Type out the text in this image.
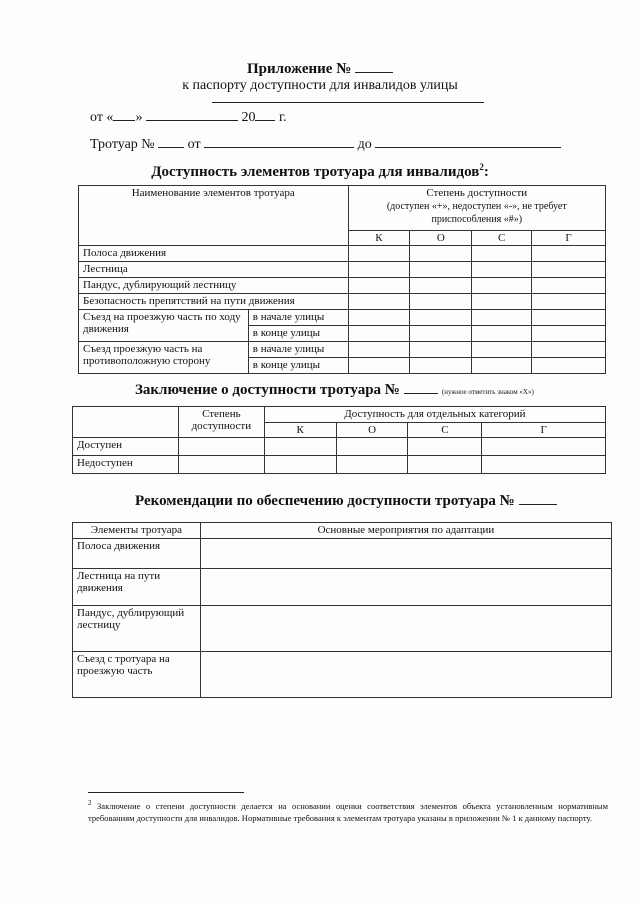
Приложение №
к паспорту доступности для инвалидов улицы
от « »	20 г.
Тротуар № от	до
Доступность элементов тротуара для инвалидов$^2$:
Наименование элементов тротуара		Степень доступности
(доступен «+», недоступен «-», не требует приспособления «#»)			

		К	О	С	Г
Полоса движения					
Лестница					
Пандус, дублирующий лестницу					
Безопасность препятствий на пути движения					
Съезд на проезжую часть по ходу движения	в начале улицы				
	в конце улицы				
Съезд проезжую часть на противоположную сторону	в начале улицы				
	в конце улицы				
Заключение о доступности тротуара №	(нужное отметить знаком «Х»)
	Степень доступности	Доступность для отдельных категорий			
		К	О	С	Г
Доступен					
Недоступен					
Рекомендации по обеспечению доступности тротуара №
Элементы тротуара	Основные мероприятия по адаптации
Полоса движения	
Лестница на пути движения	
Пандус, дублирующий лестницу	
Съезд с тротуара на проезжую часть	
$^2$ Заключение о степени доступности делается на основании оценки соответствия элементов объекта установленным нормативным требованиям доступности для инвалидов. Нормативные требования к элементам тротуара указаны в приложении № 1 к данному паспорту.
